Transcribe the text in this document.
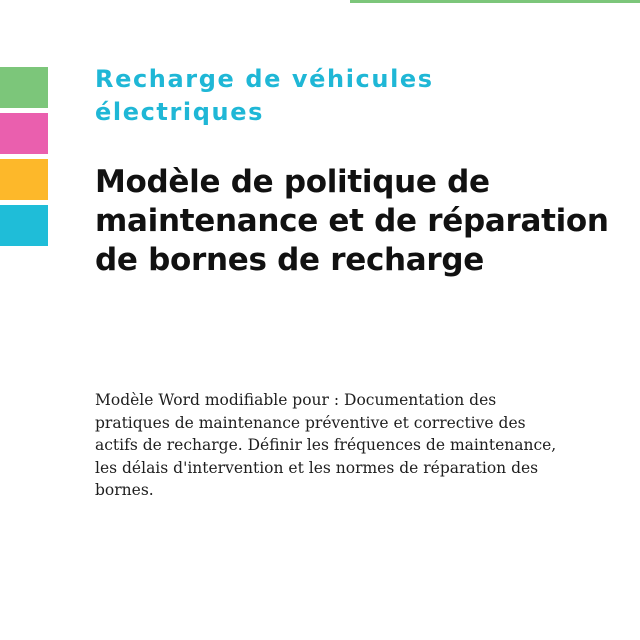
Recharge de véhicules électriques

Modèle de politique de maintenance et de réparation de bornes de recharge

Modèle Word modifiable pour : Documentation des pratiques de maintenance préventive et corrective des actifs de recharge. Définir les fréquences de maintenance, les délais d'intervention et les normes de réparation des bornes.
